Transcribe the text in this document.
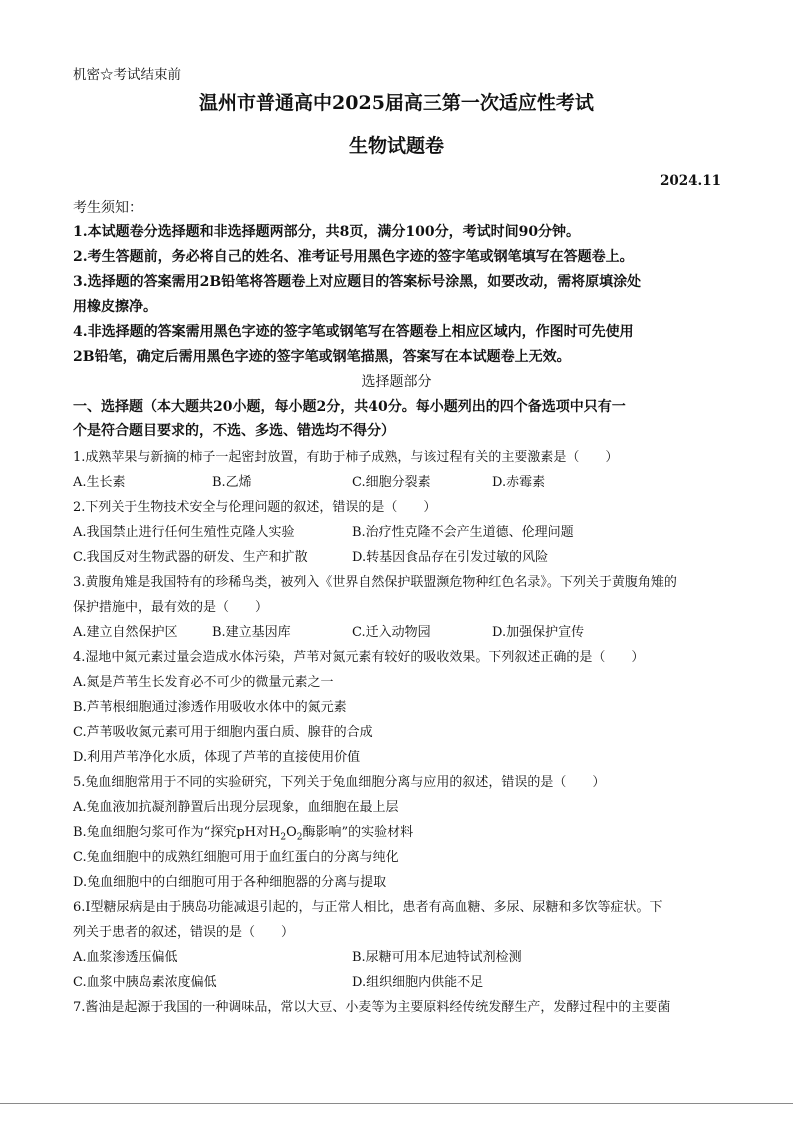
机密☆考试结束前
温州市普通高中2025届高三第一次适应性考试
生物试题卷
2024.11
考生须知：
1.本试题卷分选择题和非选择题两部分，共8页，满分100分，考试时间90分钟。
2.考生答题前，务必将自己的姓名、准考证号用黑色字迹的签字笔或钢笔填写在答题卷上。
3.选择题的答案需用2B铅笔将答题卷上对应题目的答案标号涂黑，如要改动，需将原填涂处
用橡皮擦净。
4.非选择题的答案需用黑色字迹的签字笔或钢笔写在答题卷上相应区域内，作图时可先使用
2B铅笔，确定后需用黑色字迹的签字笔或钢笔描黑，答案写在本试题卷上无效。
选择题部分
一、选择题（本大题共20小题，每小题2分，共40分。每小题列出的四个备选项中只有一
个是符合题目要求的，不选、多选、错选均不得分）
1.成熟苹果与新摘的柿子一起密封放置，有助于柿子成熟，与该过程有关的主要激素是（　　）
A.生长素	B.乙烯	C.细胞分裂素	D.赤霉素
2.下列关于生物技术安全与伦理问题的叙述，错误的是（　　）
A.我国禁止进行任何生殖性克隆人实验	B.治疗性克隆不会产生道德、伦理问题
C.我国反对生物武器的研发、生产和扩散	D.转基因食品存在引发过敏的风险
3.黄腹角雉是我国特有的珍稀鸟类，被列入《世界自然保护联盟濒危物种红色名录》。下列关于黄腹角雉的
保护措施中，最有效的是（　　）
A.建立自然保护区	B.建立基因库	C.迁入动物园	D.加强保护宣传
4.湿地中氮元素过量会造成水体污染，芦苇对氮元素有较好的吸收效果。下列叙述正确的是（　　）
A.氮是芦苇生长发育必不可少的微量元素之一
B.芦苇根细胞通过渗透作用吸收水体中的氮元素
C.芦苇吸收氮元素可用于细胞内蛋白质、腺苷的合成
D.利用芦苇净化水质，体现了芦苇的直接使用价值
5.兔血细胞常用于不同的实验研究，下列关于兔血细胞分离与应用的叙述，错误的是（　　）
A.兔血液加抗凝剂静置后出现分层现象，血细胞在最上层
B.兔血细胞匀浆可作为“探究pH对$H_2O_2$酶影响”的实验材料
C.兔血细胞中的成熟红细胞可用于血红蛋白的分离与纯化
D.兔血细胞中的白细胞可用于各种细胞器的分离与提取
6.Ⅰ型糖尿病是由于胰岛功能减退引起的，与正常人相比，患者有高血糖、多尿、尿糖和多饮等症状。下
列关于患者的叙述，错误的是（　　）
A.血浆渗透压偏低	B.尿糖可用本尼迪特试剂检测
C.血浆中胰岛素浓度偏低	D.组织细胞内供能不足
7.酱油是起源于我国的一种调味品，常以大豆、小麦等为主要原料经传统发酵生产，发酵过程中的主要菌
